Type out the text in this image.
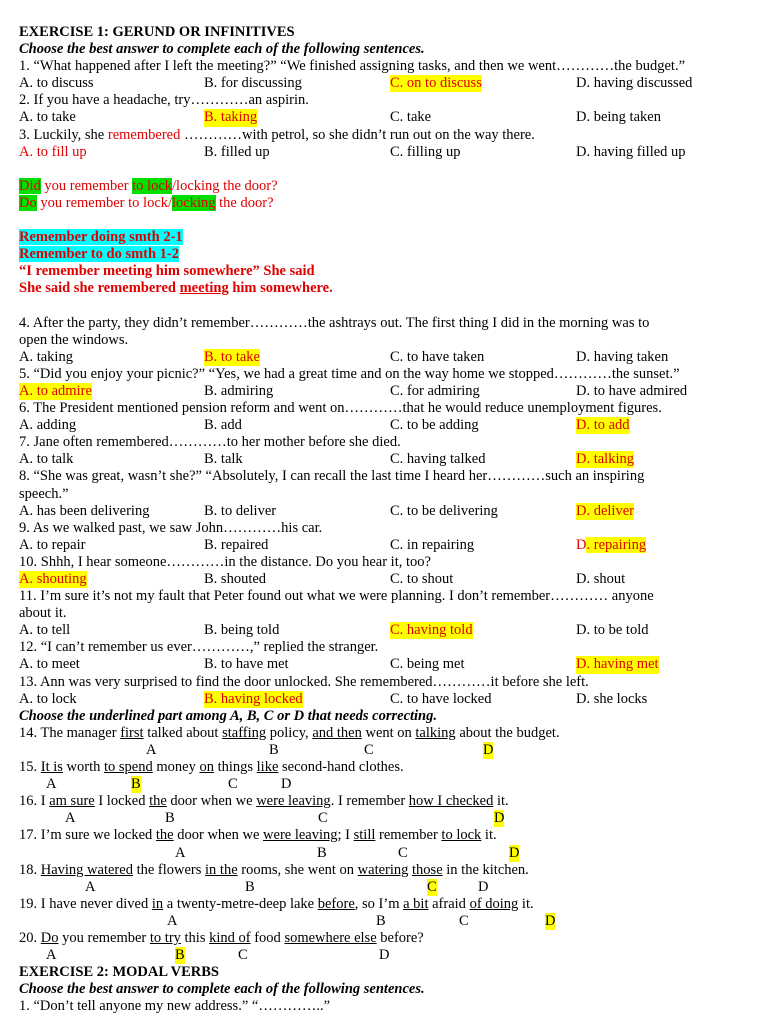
EXERCISE 1: GERUND OR INFINITIVES
Choose the best answer to complete each of the following sentences.
1. “What happened after I left the meeting?” “We finished assigning tasks, and then we went…………the budget.”
A. to discuss	B. for discussing	C. on to discuss	D. having discussed
2. If you have a headache, try…………an aspirin.
A. to take	B. taking	C. take	D. being taken
3. Luckily, she remembered …………with petrol, so she didn’t run out on the way there.
A. to fill up	B. filled up	C. filling up	D. having filled up
Did you remember to lock/locking the door?
Do you remember to lock/locking the door?
Remember doing smth 2-1
Remember to do smth 1-2
“I remember meeting him somewhere” She said
She said she remembered meeting him somewhere.
4. After the party, they didn’t remember…………the ashtrays out. The first thing I did in the morning was to
open the windows.
A. taking	B. to take	C. to have taken	D. having taken
5. “Did you enjoy your picnic?” “Yes, we had a great time and on the way home we stopped…………the sunset.”
A. to admire	B. admiring	C. for admiring	D. to have admired
6. The President mentioned pension reform and went on…………that he would reduce unemployment figures.
A. adding	B. add	C. to be adding	D. to add
7. Jane often remembered…………to her mother before she died.
A. to talk	B. talk	C. having talked	D. talking
8. “She was great, wasn’t she?” “Absolutely, I can recall the last time I heard her…………such an inspiring
speech.”
A. has been delivering	B. to deliver	C. to be delivering	D. deliver
9. As we walked past, we saw John…………his car.
A. to repair	B. repaired	C. in repairing	D. repairing
10. Shhh, I hear someone…………in the distance. Do you hear it, too?
A. shouting	B. shouted	C. to shout	D. shout
11. I’m sure it’s not my fault that Peter found out what we were planning. I don’t remember………… anyone
about it.
A. to tell	B. being told	C. having told	D. to be told
12. “I can’t remember us ever…………,” replied the stranger.
A. to meet	B. to have met	C. being met	D. having met
13. Ann was very surprised to find the door unlocked. She remembered…………it before she left.
A. to lock	B. having locked	C. to have locked	D. she locks
Choose the underlined part among A, B, C or D that needs correcting.
14. The manager first talked about staffing policy, and then went on talking about the budget.
A	B	C	D
15. It is worth to spend money on things like second-hand clothes.
A	B	C	D
16. I am sure I locked the door when we were leaving. I remember how I checked it.
A	B	C	D
17. I’m sure we locked the door when we were leaving; I still remember to lock it.
A	B	C	D
18. Having watered the flowers in the rooms, she went on watering those in the kitchen.
A	B	C	D
19. I have never dived in a twenty-metre-deep lake before, so I’m a bit afraid of doing it.
A	B	C	D
20. Do you remember to try this kind of food somewhere else before?
A	B	C	D
EXERCISE 2: MODAL VERBS
Choose the best answer to complete each of the following sentences.
1. “Don’t tell anyone my new address.” “…………..”
